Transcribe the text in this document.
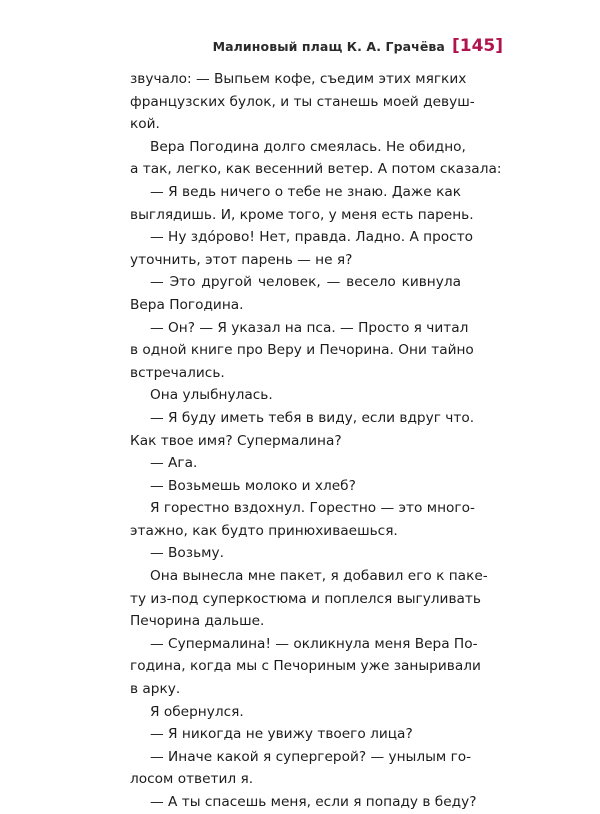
Малиновый плащ К. А. Грачёва [145]
звучало: — Выпьем кофе, съедим этих мягких
французских булок, и ты станешь моей девуш-
кой.
Вера Погодина долго смеялась. Не обидно,
а так, легко, как весенний ветер. А потом сказала:
— Я ведь ничего о тебе не знаю. Даже как
выглядишь. И, кроме того, у меня есть парень.
— Ну здо́рово! Нет, правда. Ладно. А просто
уточнить, этот парень — не я?
— Это другой человек, — весело кивнула
Вера Погодина.
— Он? — Я указал на пса. — Просто я читал
в одной книге про Веру и Печорина. Они тайно
встречались.
Она улыбнулась.
— Я буду иметь тебя в виду, если вдруг что.
Как твое имя? Супермалина?
— Ага.
— Возьмешь молоко и хлеб?
Я горестно вздохнул. Горестно — это много-
этажно, как будто принюхиваешься.
— Возьму.
Она вынесла мне пакет, я добавил его к паке-
ту из-под суперкостюма и поплелся выгуливать
Печорина дальше.
— Супермалина! — окликнула меня Вера По-
година, когда мы с Печориным уже заныривали
в арку.
Я обернулся.
— Я никогда не увижу твоего лица?
— Иначе какой я супергерой? — унылым го-
лосом ответил я.
— А ты спасешь меня, если я попаду в беду?
